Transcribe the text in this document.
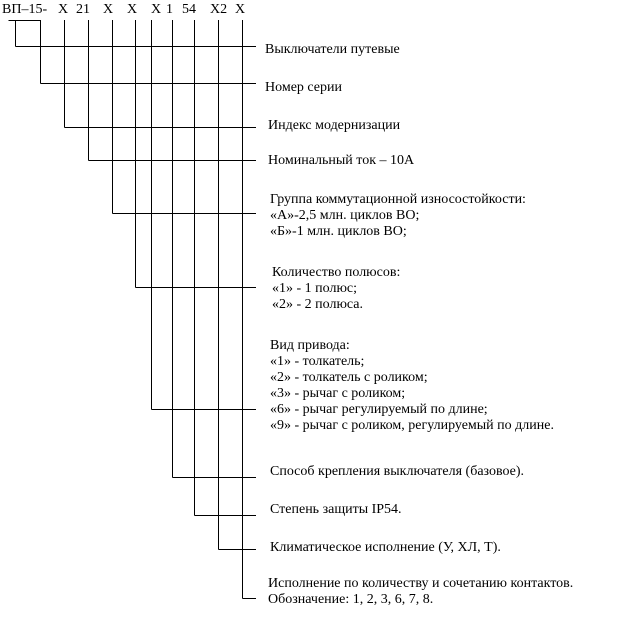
ВП–15- Х 21 Х Х Х 1 54 Х2 Х
Выключатели путевые
Номер серии
Индекс модернизации
Номинальный ток – 10А
Группа коммутационной износостойкости:
«А»-2,5 млн. циклов ВО;
«Б»-1 млн. циклов ВО;
Количество полюсов:
«1» - 1 полюс;
«2» - 2 полюса.
Вид привода:
«1» - толкатель;
«2» - толкатель с роликом;
«3» - рычаг с роликом;
«6» - рычаг регулируемый по длине;
«9» - рычаг с роликом, регулируемый по длине.
Способ крепления выключателя (базовое).
Степень защиты IP54.
Климатическое исполнение (У, ХЛ, Т).
Исполнение по количеству и сочетанию контактов.
Обозначение: 1, 2, 3, 6, 7, 8.
